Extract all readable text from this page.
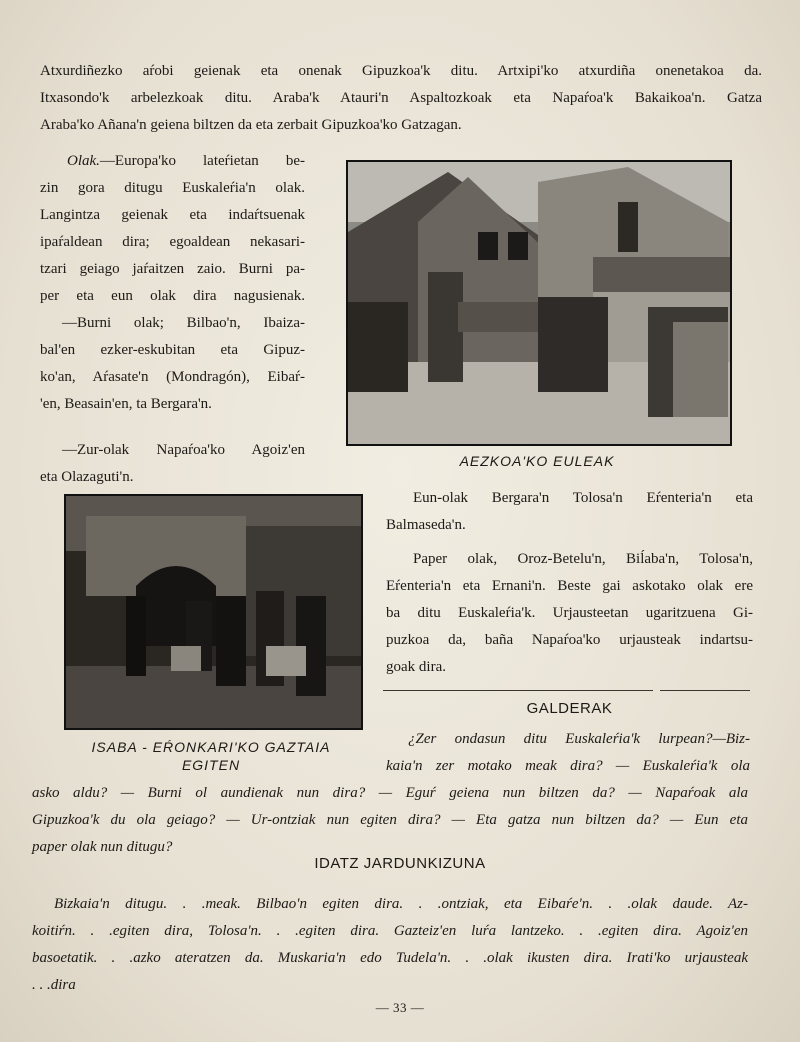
Atxurdiñezko aŕobi geienak eta onenak Gipuzkoa'k ditu. Artxipi'ko atxurdiña onenetakoa da.
Itxasondo'k arbelezkoak ditu. Araba'k Atauri'n Aspaltozkoak eta Napaŕoa'k Bakaikoa'n. Gatza
Araba'ko Añana'n geiena biltzen da eta zerbait Gipuzkoa'ko Gatzagan.
Olak.—Europa'ko lateŕietan be-
zin gora ditugu Euskaleŕia'n olak.
Langintza geienak eta indaŕtsuenak
ipaŕaldean dira; egoaldean nekasari-
tzari geiago jaŕaitzen zaio. Burni pa-
per eta eun olak dira nagusienak.
—Burni olak; Bilbao'n, Ibaiza-
bal'en ezker-eskubitan eta Gipuz-
ko'an, Aŕasate'n (Mondragón), Eibaŕ-
'en, Beasain'en, ta Bergara'n.
—Zur-olak Napaŕoa'ko Agoiz'en
eta Olazaguti'n.
AEZKOA'KO EULEAK
Eun-olak Bergara'n Tolosa'n Eŕenteria'n eta
Balmaseda'n.
Paper olak, Oroz-Betelu'n, Biĺaba'n, Tolosa'n,
Eŕenteria'n eta Ernani'n. Beste gai askotako olak ere
ba ditu Euskaleŕia'k. Urjausteetan ugaritzuena Gi-
puzkoa da, baña Napaŕoa'ko urjausteak indartsu-
goak dira.
ISABA - EŔONKARI'KO GAZTAIA
EGITEN
GALDERAK
¿Zer ondasun ditu Euskaleŕia'k lurpean?—Biz-
kaia'n zer motako meak dira? — Euskaleŕia'k ola
asko aldu? — Burni ol aundienak nun dira? — Eguŕ geiena nun biltzen da? — Napaŕoak ala
Gipuzkoa'k du ola geiago? — Ur-ontziak nun egiten dira? — Eta gatza nun biltzen da? — Eun eta
paper olak nun ditugu?
IDATZ JARDUNKIZUNA
Bizkaia'n ditugu. . .meak. Bilbao'n egiten dira. . .ontziak, eta Eibaŕe'n. . .olak daude. Az-
koitiŕn. . .egiten dira, Tolosa'n. . .egiten dira. Gazteiz'en luŕa lantzeko. . .egiten dira. Agoiz'en
basoetatik. . .azko ateratzen da. Muskaria'n edo Tudela'n. . .olak ikusten dira. Irati'ko urjausteak
. . .dira
— 33 —
